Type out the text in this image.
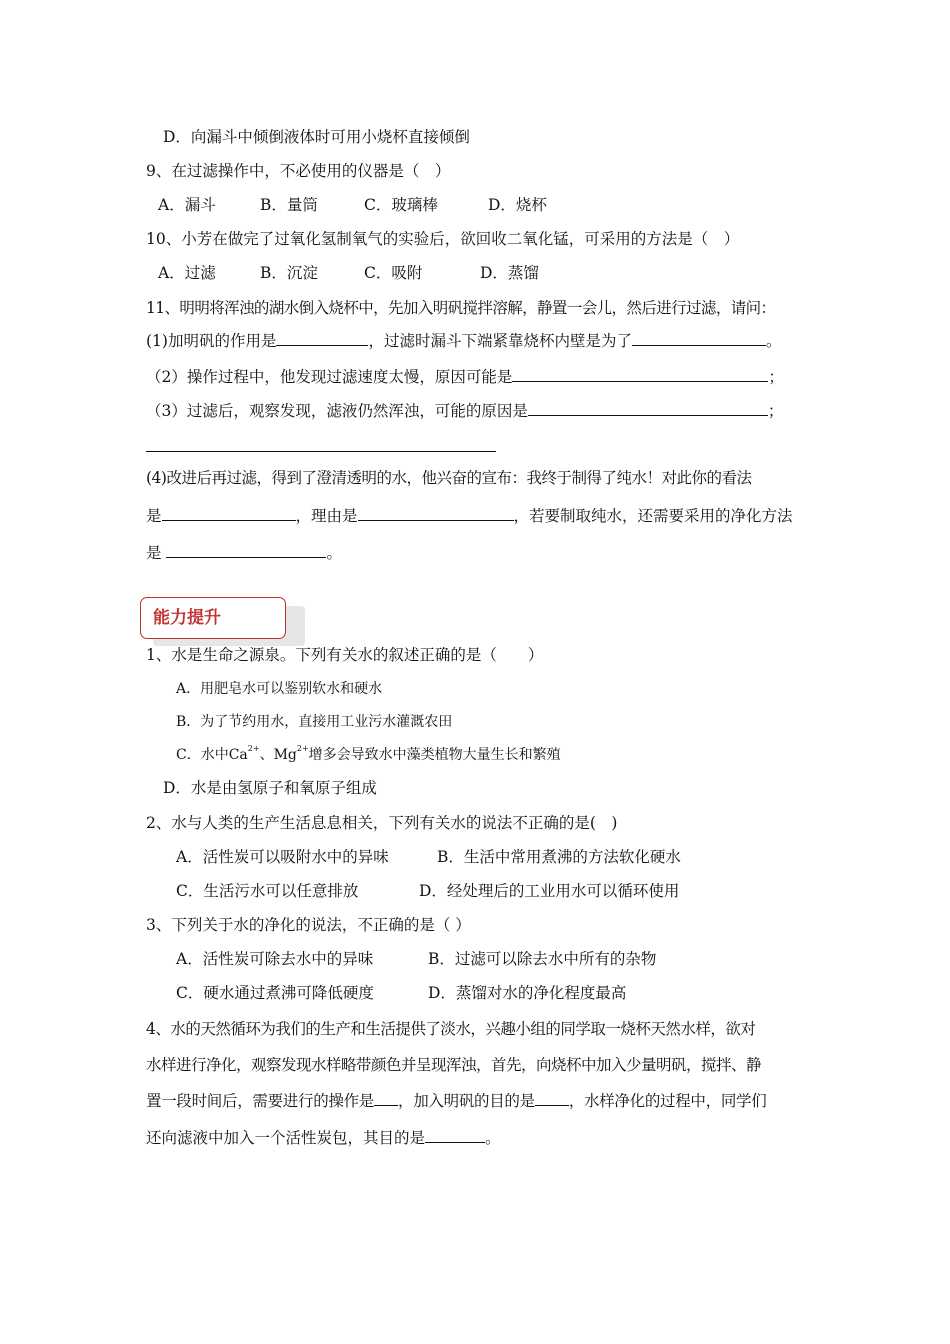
D．向漏斗中倾倒液体时可用小烧杯直接倾倒
9、在过滤操作中，不必使用的仪器是（　）
A．漏斗	B．量筒	C．玻璃棒	D．烧杯
10、小芳在做完了过氧化氢制氧气的实验后，欲回收二氧化锰，可采用的方法是（　）
A．过滤	B．沉淀	C．吸附	D．蒸馏
11、明明将浑浊的湖水倒入烧杯中，先加入明矾搅拌溶解，静置一会儿，然后进行过滤，请问：
(1)加明矾的作用是	，过滤时漏斗下端紧靠烧杯内壁是为了	。
（2）操作过程中，他发现过滤速度太慢，原因可能是	；
（3）过滤后，观察发现，滤液仍然浑浊，可能的原因是	；
(4)改进后再过滤，得到了澄清透明的水，他兴奋的宣布：我终于制得了纯水！对此你的看法
是	，理由是	，若要制取纯水，还需要采用的净化方法
是	。
能力提升
1、水是生命之源泉。下列有关水的叙述正确的是（　　）
A．用肥皂水可以鉴别软水和硬水
B．为了节约用水，直接用工业污水灌溉农田
C．水中$Ca^{2+}$、$Mg^{2+}$增多会导致水中藻类植物大量生长和繁殖
D．水是由氢原子和氧原子组成
2、水与人类的生产生活息息相关，下列有关水的说法不正确的是(　)
A．活性炭可以吸附水中的异味	B．生活中常用煮沸的方法软化硬水
C．生活污水可以任意排放	D．经处理后的工业用水可以循环使用
3、下列关于水的净化的说法，不正确的是（ ）
A．活性炭可除去水中的异味	B．过滤可以除去水中所有的杂物
C．硬水通过煮沸可降低硬度	D．蒸馏对水的净化程度最高
4、水的天然循环为我们的生产和生活提供了淡水，兴趣小组的同学取一烧杯天然水样，欲对
水样进行净化，观察发现水样略带颜色并呈现浑浊，首先，向烧杯中加入少量明矾，搅拌、静
置一段时间后，需要进行的操作是 ，加入明矾的目的是 ，水样净化的过程中，同学们
还向滤液中加入一个活性炭包，其目的是	。
